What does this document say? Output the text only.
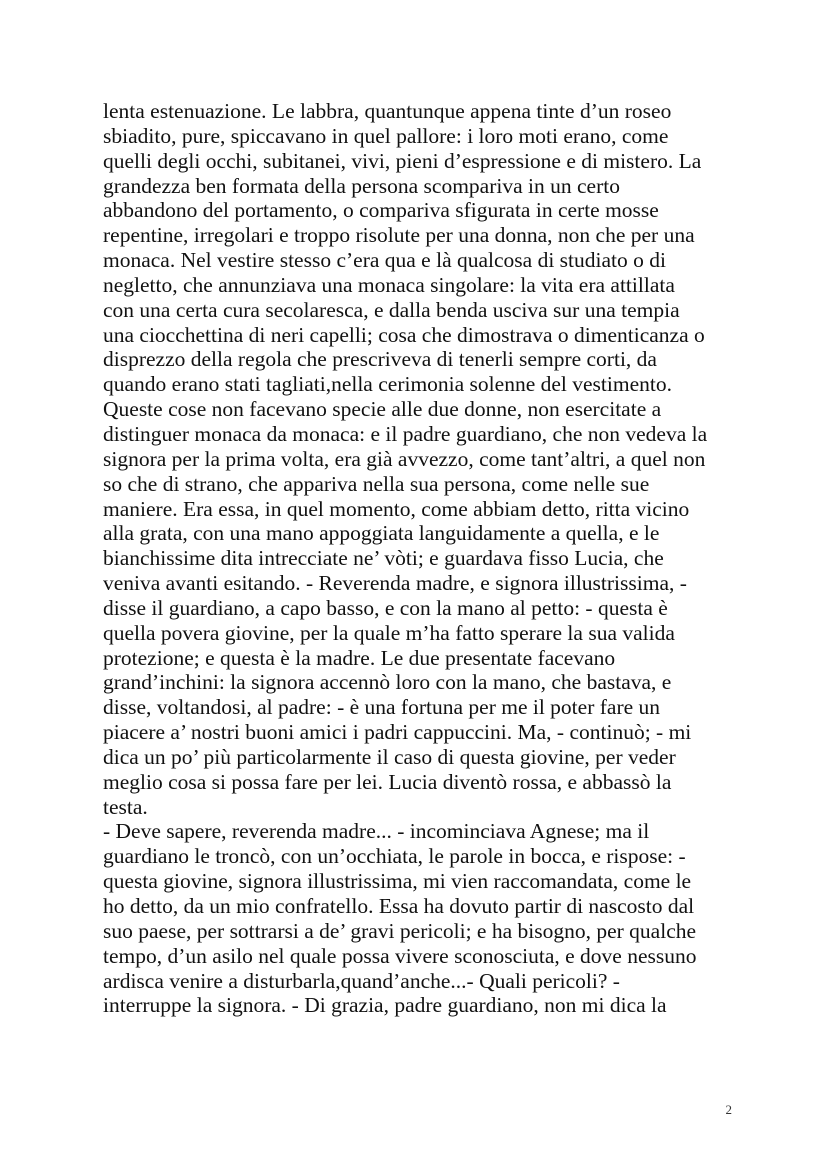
lenta estenuazione. Le labbra, quantunque appena tinte d’un roseo
sbiadito, pure, spiccavano in quel pallore: i loro moti erano, come
quelli degli occhi, subitanei, vivi, pieni d’espressione e di mistero. La
grandezza ben formata della persona scompariva in un certo
abbandono del portamento, o compariva sfigurata in certe mosse
repentine, irregolari e troppo risolute per una donna, non che per una
monaca. Nel vestire stesso c’era qua e là qualcosa di studiato o di
negletto, che annunziava una monaca singolare: la vita era attillata
con una certa cura secolaresca, e dalla benda usciva sur una tempia
una ciocchettina di neri capelli; cosa che dimostrava o dimenticanza o
disprezzo della regola che prescriveva di tenerli sempre corti, da
quando erano stati tagliati,nella cerimonia solenne del vestimento.
Queste cose non facevano specie alle due donne, non esercitate a
distinguer monaca da monaca: e il padre guardiano, che non vedeva la
signora per la prima volta, era già avvezzo, come tant’altri, a quel non
so che di strano, che appariva nella sua persona, come nelle sue
maniere. Era essa, in quel momento, come abbiam detto, ritta vicino
alla grata, con una mano appoggiata languidamente a quella, e le
bianchissime dita intrecciate ne’ vòti; e guardava fisso Lucia, che
veniva avanti esitando. - Reverenda madre, e signora illustrissima, -
disse il guardiano, a capo basso, e con la mano al petto: - questa è
quella povera giovine, per la quale m’ha fatto sperare la sua valida
protezione; e questa è la madre. Le due presentate facevano
grand’inchini: la signora accennò loro con la mano, che bastava, e
disse, voltandosi, al padre: - è una fortuna per me il poter fare un
piacere a’ nostri buoni amici i padri cappuccini. Ma, - continuò; - mi
dica un po’ più particolarmente il caso di questa giovine, per veder
meglio cosa si possa fare per lei. Lucia diventò rossa, e abbassò la
testa.
- Deve sapere, reverenda madre... - incominciava Agnese; ma il
guardiano le troncò, con un’occhiata, le parole in bocca, e rispose: -
questa giovine, signora illustrissima, mi vien raccomandata, come le
ho detto, da un mio confratello. Essa ha dovuto partir di nascosto dal
suo paese, per sottrarsi a de’ gravi pericoli; e ha bisogno, per qualche
tempo, d’un asilo nel quale possa vivere sconosciuta, e dove nessuno
ardisca venire a disturbarla,quand’anche...- Quali pericoli? -
interruppe la signora. - Di grazia, padre guardiano, non mi dica la
2
